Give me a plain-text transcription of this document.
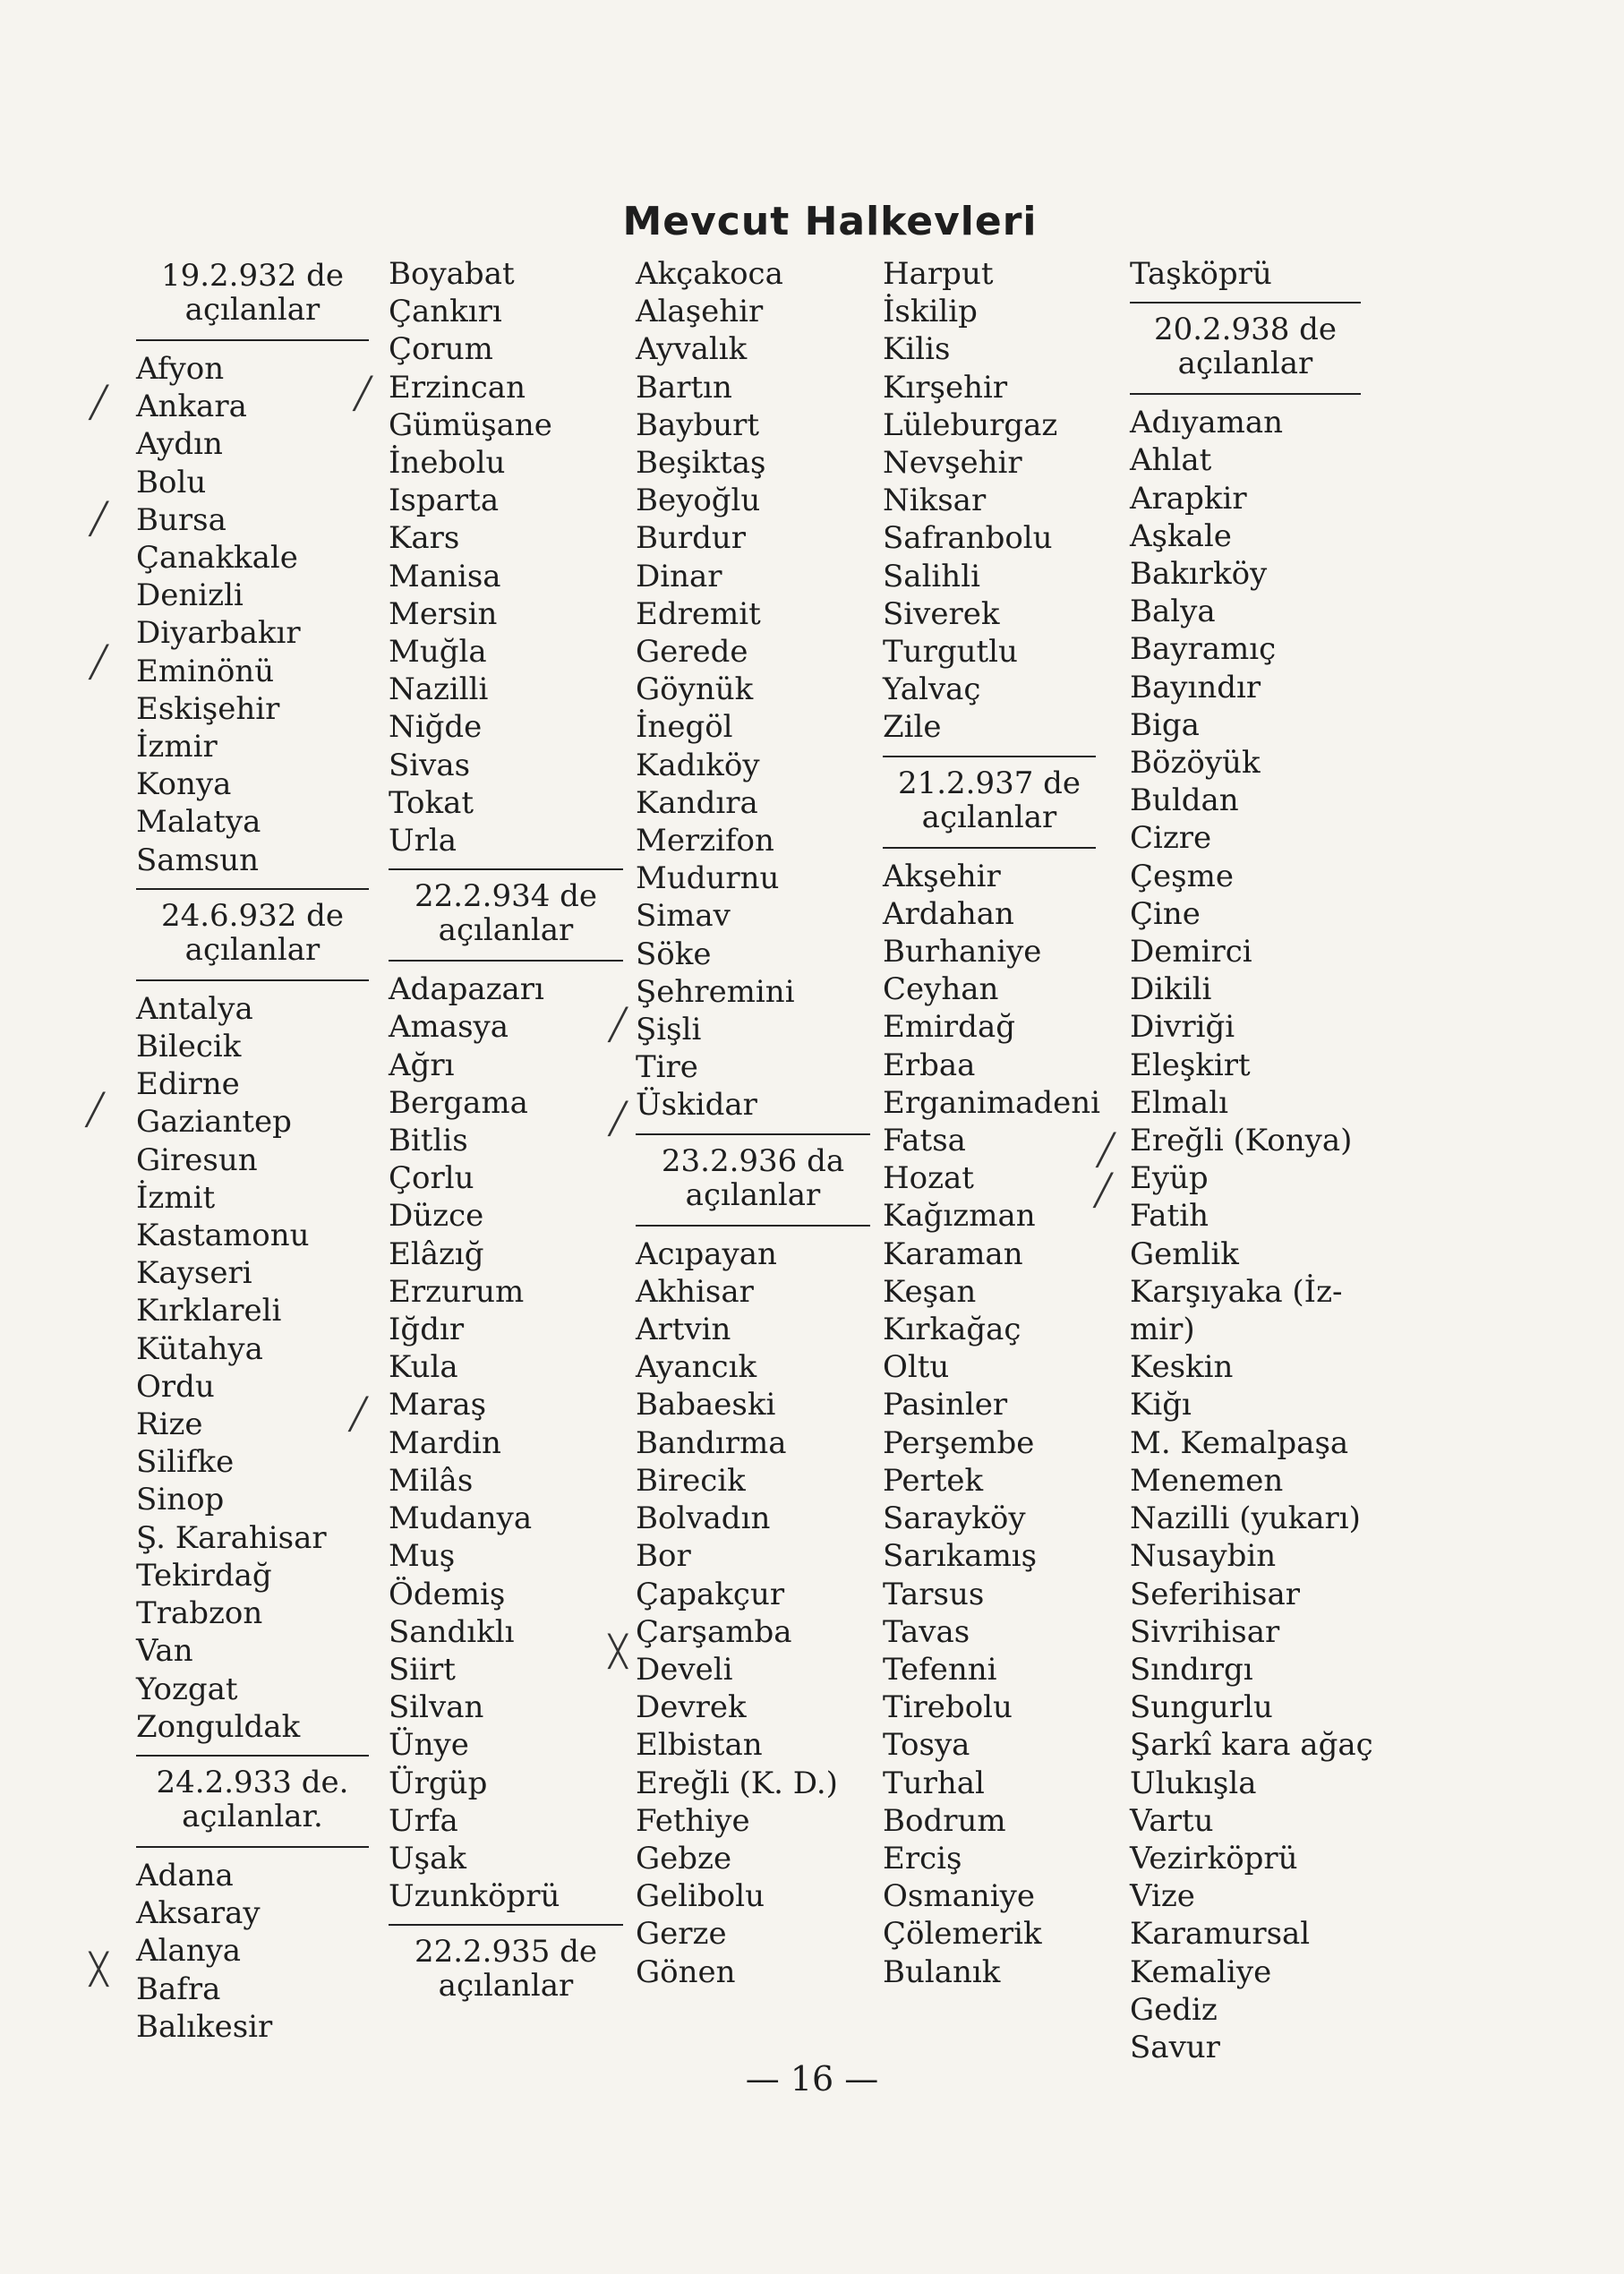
Mevcut Halkevleri
19.2.932 de
açılanlar
Afyon
Ankara
Aydın
Bolu
Bursa
Çanakkale
Denizli
Diyarbakır
Eminönü
Eskişehir
İzmir
Konya
Malatya
Samsun
24.6.932 de
açılanlar
Antalya
Bilecik
Edirne
Gaziantep
Giresun
İzmit
Kastamonu
Kayseri
Kırklareli
Kütahya
Ordu
Rize
Silifke
Sinop
Ş. Karahisar
Tekirdağ
Trabzon
Van
Yozgat
Zonguldak
24.2.933 de.
açılanlar.
Adana
Aksaray
Alanya
Bafra
Balıkesir
Boyabat
Çankırı
Çorum
Erzincan
Gümüşane
İnebolu
Isparta
Kars
Manisa
Mersin
Muğla
Nazilli
Niğde
Sivas
Tokat
Urla
22.2.934 de
açılanlar
Adapazarı
Amasya
Ağrı
Bergama
Bitlis
Çorlu
Düzce
Elâzığ
Erzurum
Iğdır
Kula
Maraş
Mardin
Milâs
Mudanya
Muş
Ödemiş
Sandıklı
Siirt
Silvan
Ünye
Ürgüp
Urfa
Uşak
Uzunköprü
22.2.935 de
açılanlar
Akçakoca
Alaşehir
Ayvalık
Bartın
Bayburt
Beşiktaş
Beyoğlu
Burdur
Dinar
Edremit
Gerede
Göynük
İnegöl
Kadıköy
Kandıra
Merzifon
Mudurnu
Simav
Söke
Şehremini
Şişli
Tire
Üskidar
23.2.936 da
açılanlar
Acıpayan
Akhisar
Artvin
Ayancık
Babaeski
Bandırma
Birecik
Bolvadın
Bor
Çapakçur
Çarşamba
Develi
Devrek
Elbistan
Ereğli (K. D.)
Fethiye
Gebze
Gelibolu
Gerze
Gönen
Harput
İskilip
Kilis
Kırşehir
Lüleburgaz
Nevşehir
Niksar
Safranbolu
Salihli
Siverek
Turgutlu
Yalvaç
Zile
21.2.937 de
açılanlar
Akşehir
Ardahan
Burhaniye
Ceyhan
Emirdağ
Erbaa
Erganimadeni
Fatsa
Hozat
Kağızman
Karaman
Keşan
Kırkağaç
Oltu
Pasinler
Perşembe
Pertek
Sarayköy
Sarıkamış
Tarsus
Tavas
Tefenni
Tirebolu
Tosya
Turhal
Bodrum
Erciş
Osmaniye
Çölemerik
Bulanık
Taşköprü
20.2.938 de
açılanlar
Adıyaman
Ahlat
Arapkir
Aşkale
Bakırköy
Balya
Bayramıç
Bayındır
Biga
Bözöyük
Buldan
Cizre
Çeşme
Çine
Demirci
Dikili
Divriği
Eleşkirt
Elmalı
Ereğli (Konya)
Eyüp
Fatih
Gemlik
Karşıyaka (İz-
mir)
Keskin
Kiğı
M. Kemalpaşa
Menemen
Nazilli (yukarı)
Nusaybin
Seferihisar
Sivrihisar
Sındırgı
Sungurlu
Şarkî kara ağaç
Ulukışla
Vartu
Vezirköprü
Vize
Karamursal
Kemaliye
Gediz
Savur
— 16 —
╱
╱
╱
╱
╳
╱
╱
╱
╱
╳
╱
╱
